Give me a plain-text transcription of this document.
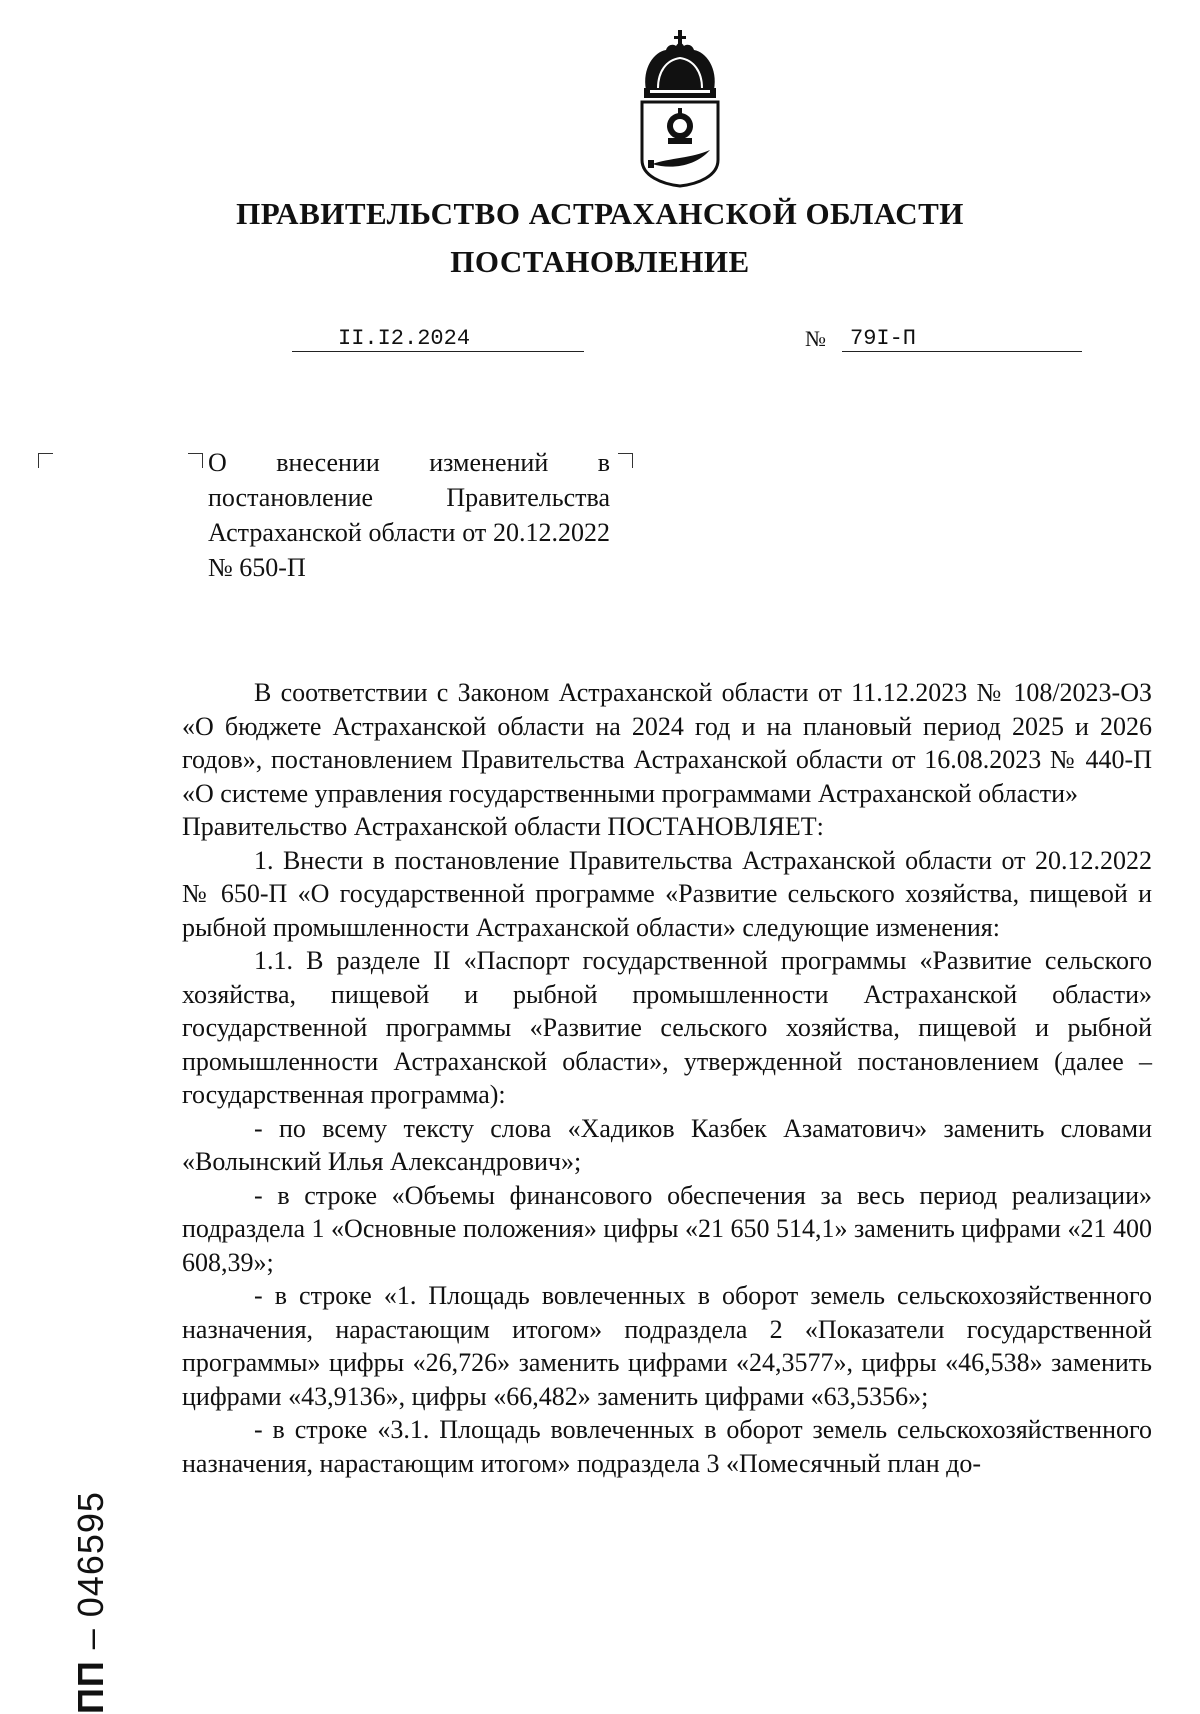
ПРАВИТЕЛЬСТВО АСТРАХАНСКОЙ ОБЛАСТИ
ПОСТАНОВЛЕНИЕ
II.I2.2024	№	79I-П
О внесении изменений в постановление Правительства Астраханской области от 20.12.2022 № 650-П

В соответствии с Законом Астраханской области от 11.12.2023 № 108/2023-ОЗ «О бюджете Астраханской области на 2024 год и на плановый период 2025 и 2026 годов», постановлением Правительства Астраханской области от 16.08.2023 № 440-П «О системе управления государственными программами Астраханской области»

Правительство Астраханской области ПОСТАНОВЛЯЕТ:

1. Внести в постановление Правительства Астраханской области от 20.12.2022 № 650-П «О государственной программе «Развитие сельского хозяйства, пищевой и рыбной промышленности Астраханской области» следующие изменения:

1.1. В разделе II «Паспорт государственной программы «Развитие сельского хозяйства, пищевой и рыбной промышленности Астраханской области» государственной программы «Развитие сельского хозяйства, пищевой и рыбной промышленности Астраханской области», утвержденной постановлением (далее – государственная программа):

- по всему тексту слова «Хадиков Казбек Азаматович» заменить словами «Волынский Илья Александрович»;

- в строке «Объемы финансового обеспечения за весь период реализации» подраздела 1 «Основные положения» цифры «21 650 514,1» заменить цифрами «21 400 608,39»;

- в строке «1. Площадь вовлеченных в оборот земель сельскохозяйственного назначения, нарастающим итогом» подраздела 2 «Показатели государственной программы» цифры «26,726» заменить цифрами «24,3577», цифры «46,538» заменить цифрами «43,9136», цифры «66,482» заменить цифрами «63,5356»;

- в строке «3.1. Площадь вовлеченных в оборот земель сельскохозяйственного назначения, нарастающим итогом» подраздела 3 «Помесячный план до-

ПП – 046595
